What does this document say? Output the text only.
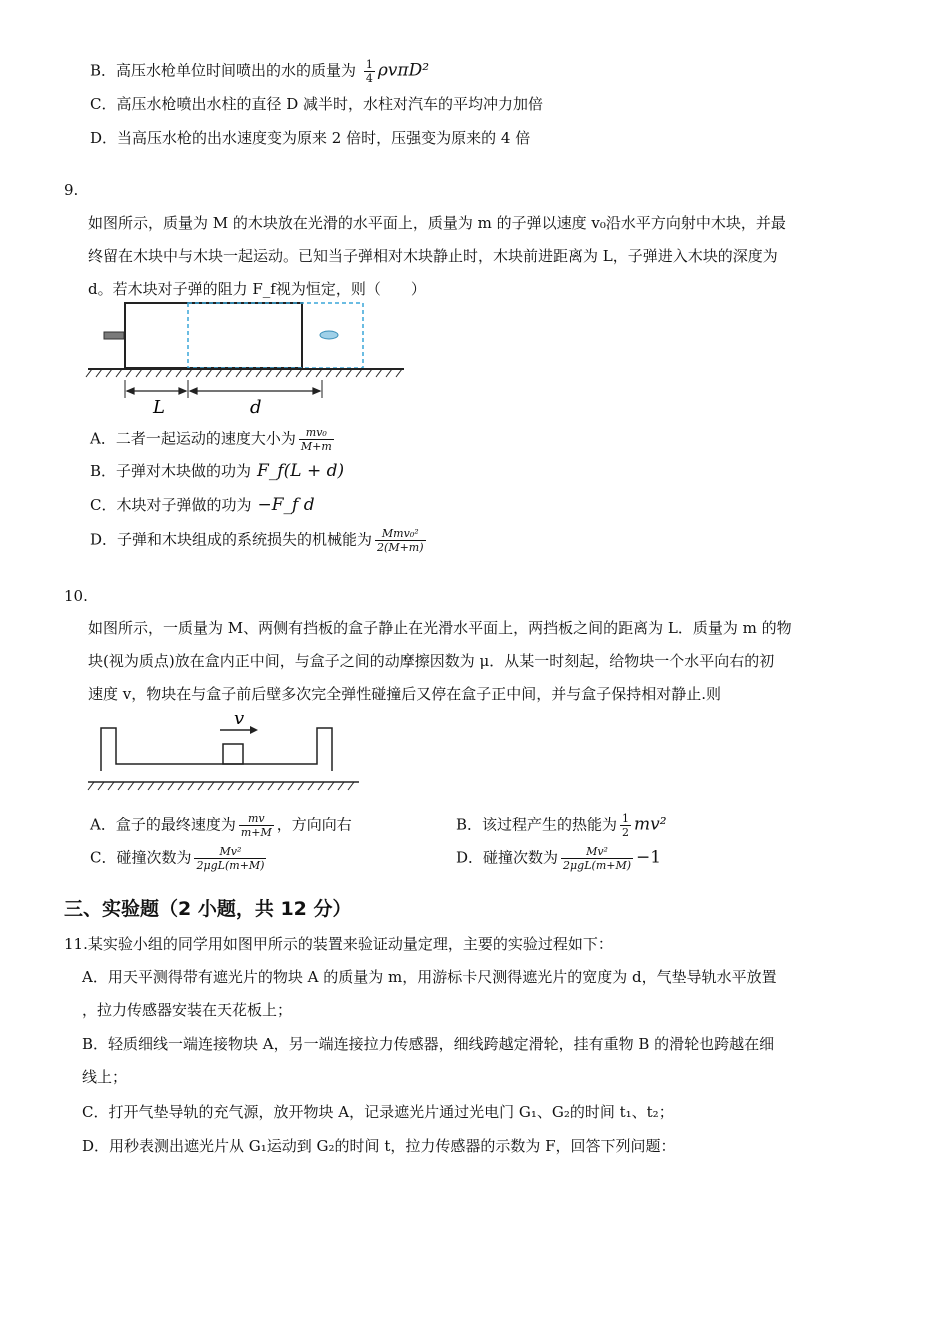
B．高压水枪单位时间喷出的水的质量为 $\frac{1}{4} \rho v\pi D^2$
C．高压水枪喷出水柱的直径 D 减半时，水柱对汽车的平均冲力加倍
D．当高压水枪的出水速度变为原来 2 倍时，压强变为原来的 4 倍
9.
如图所示，质量为 M 的木块放在光滑的水平面上，质量为 m 的子弹以速度 v₀沿水平方向射中木块，并最
终留在木块中与木块一起运动。已知当子弹相对木块静止时，木块前进距离为 L，子弹进入木块的深度为
d。若木块对子弹的阻力 F_f视为恒定，则（　　）
L	d
A．二者一起运动的速度大小为 $\frac{\text{mv₀}}{M+m}$
B．子弹对木块做的功为 F_f(L + d)
C．木块对子弹做的功为 −F_f d
D．子弹和木块组成的系统损失的机械能为 $\frac{\text{Mmv₀²}}{2(M+m)}$
10.
如图所示，一质量为 M、两侧有挡板的盒子静止在光滑水平面上，两挡板之间的距离为 L．质量为 m 的物
块(视为质点)放在盒内正中间，与盒子之间的动摩擦因数为 μ．从某一时刻起，给物块一个水平向右的初
速度 v，物块在与盒子前后壁多次完全弹性碰撞后又停在盒子正中间，并与盒子保持相对静止.则
v
A．盒子的最终速度为 $\frac{mv}{m+M}$ ，方向向右	B．该过程产生的热能为 $\frac{1}{2} mv^2$
C．碰撞次数为 $\frac{\text{Mv²}}{\text{2μgL(m+M)}}$	D．碰撞次数为 $\frac{\text{Mv²}}{\text{2μgL(m+M)}} -1$
三、实验题（2 小题，共 12 分）
11.某实验小组的同学用如图甲所示的装置来验证动量定理，主要的实验过程如下：
A．用天平测得带有遮光片的物块 A 的质量为 m，用游标卡尺测得遮光片的宽度为 d，气垫导轨水平放置
，拉力传感器安装在天花板上；
B．轻质细线一端连接物块 A，另一端连接拉力传感器，细线跨越定滑轮，挂有重物 B 的滑轮也跨越在细
线上；
C．打开气垫导轨的充气源，放开物块 A，记录遮光片通过光电门 G₁、G₂的时间 t₁、t₂；
D．用秒表测出遮光片从 G₁运动到 G₂的时间 t，拉力传感器的示数为 F，回答下列问题：
